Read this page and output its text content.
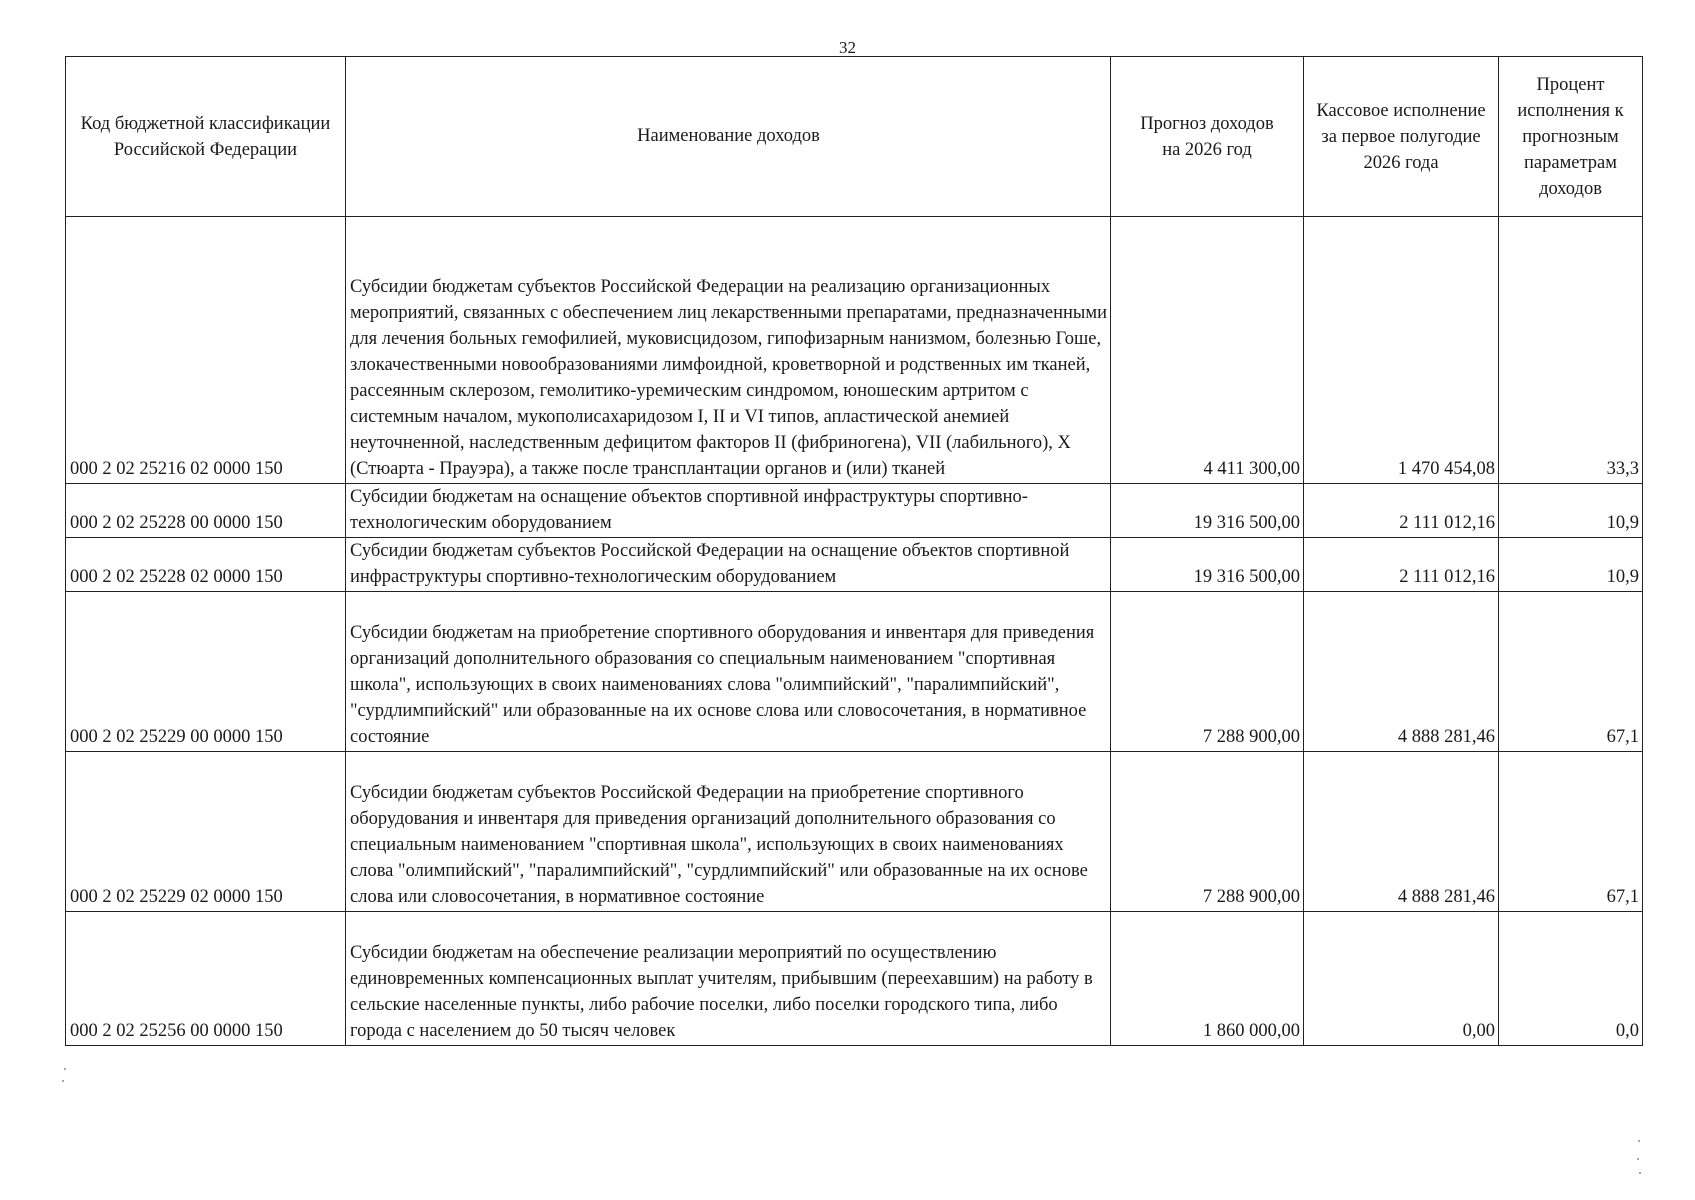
32
Код бюджетной классификации Российской Федерации	Наименование доходов	Прогноз доходов на 2026 год	Кассовое исполнение за первое полугодие 2026 года	Процент исполнения к прогнозным параметрам доходов
000 2 02 25216 02 0000 150	Субсидии бюджетам субъектов Российской Федерации на реализацию организационных мероприятий, связанных с обеспечением лиц лекарственными препаратами, предназначенными для лечения больных гемофилией, муковисцидозом, гипофизарным нанизмом, болезнью Гоше, злокачественными новообразованиями лимфоидной, кроветворной и родственных им тканей, рассеянным склерозом, гемолитико-уремическим синдромом, юношеским артритом с системным началом, мукополисахаридозом I, II и VI типов, апластической анемией неуточненной, наследственным дефицитом факторов II (фибриногена), VII (лабильного), X (Стюарта - Прауэра), а также после трансплантации органов и (или) тканей	4 411 300,00	1 470 454,08	33,3
000 2 02 25228 00 0000 150	Субсидии бюджетам на оснащение объектов спортивной инфраструктуры спортивно-технологическим оборудованием	19 316 500,00	2 111 012,16	10,9
000 2 02 25228 02 0000 150	Субсидии бюджетам субъектов Российской Федерации на оснащение объектов спортивной инфраструктуры спортивно-технологическим оборудованием	19 316 500,00	2 111 012,16	10,9
000 2 02 25229 00 0000 150	Субсидии бюджетам на приобретение спортивного оборудования и инвентаря для приведения организаций дополнительного образования со специальным наименованием "спортивная школа", использующих в своих наименованиях слова "олимпийский", "паралимпийский", "сурдлимпийский" или образованные на их основе слова или словосочетания, в нормативное состояние	7 288 900,00	4 888 281,46	67,1
000 2 02 25229 02 0000 150	Субсидии бюджетам субъектов Российской Федерации на приобретение спортивного оборудования и инвентаря для приведения организаций дополнительного образования со специальным наименованием "спортивная школа", использующих в своих наименованиях слова "олимпийский", "паралимпийский", "сурдлимпийский" или образованные на их основе слова или словосочетания, в нормативное состояние	7 288 900,00	4 888 281,46	67,1
000 2 02 25256 00 0000 150	Субсидии бюджетам на обеспечение реализации мероприятий по осуществлению единовременных компенсационных выплат учителям, прибывшим (переехавшим) на работу в сельские населенные пункты, либо рабочие поселки, либо поселки городского типа, либо города с населением до 50 тысяч человек	1 860 000,00	0,00	0,0
